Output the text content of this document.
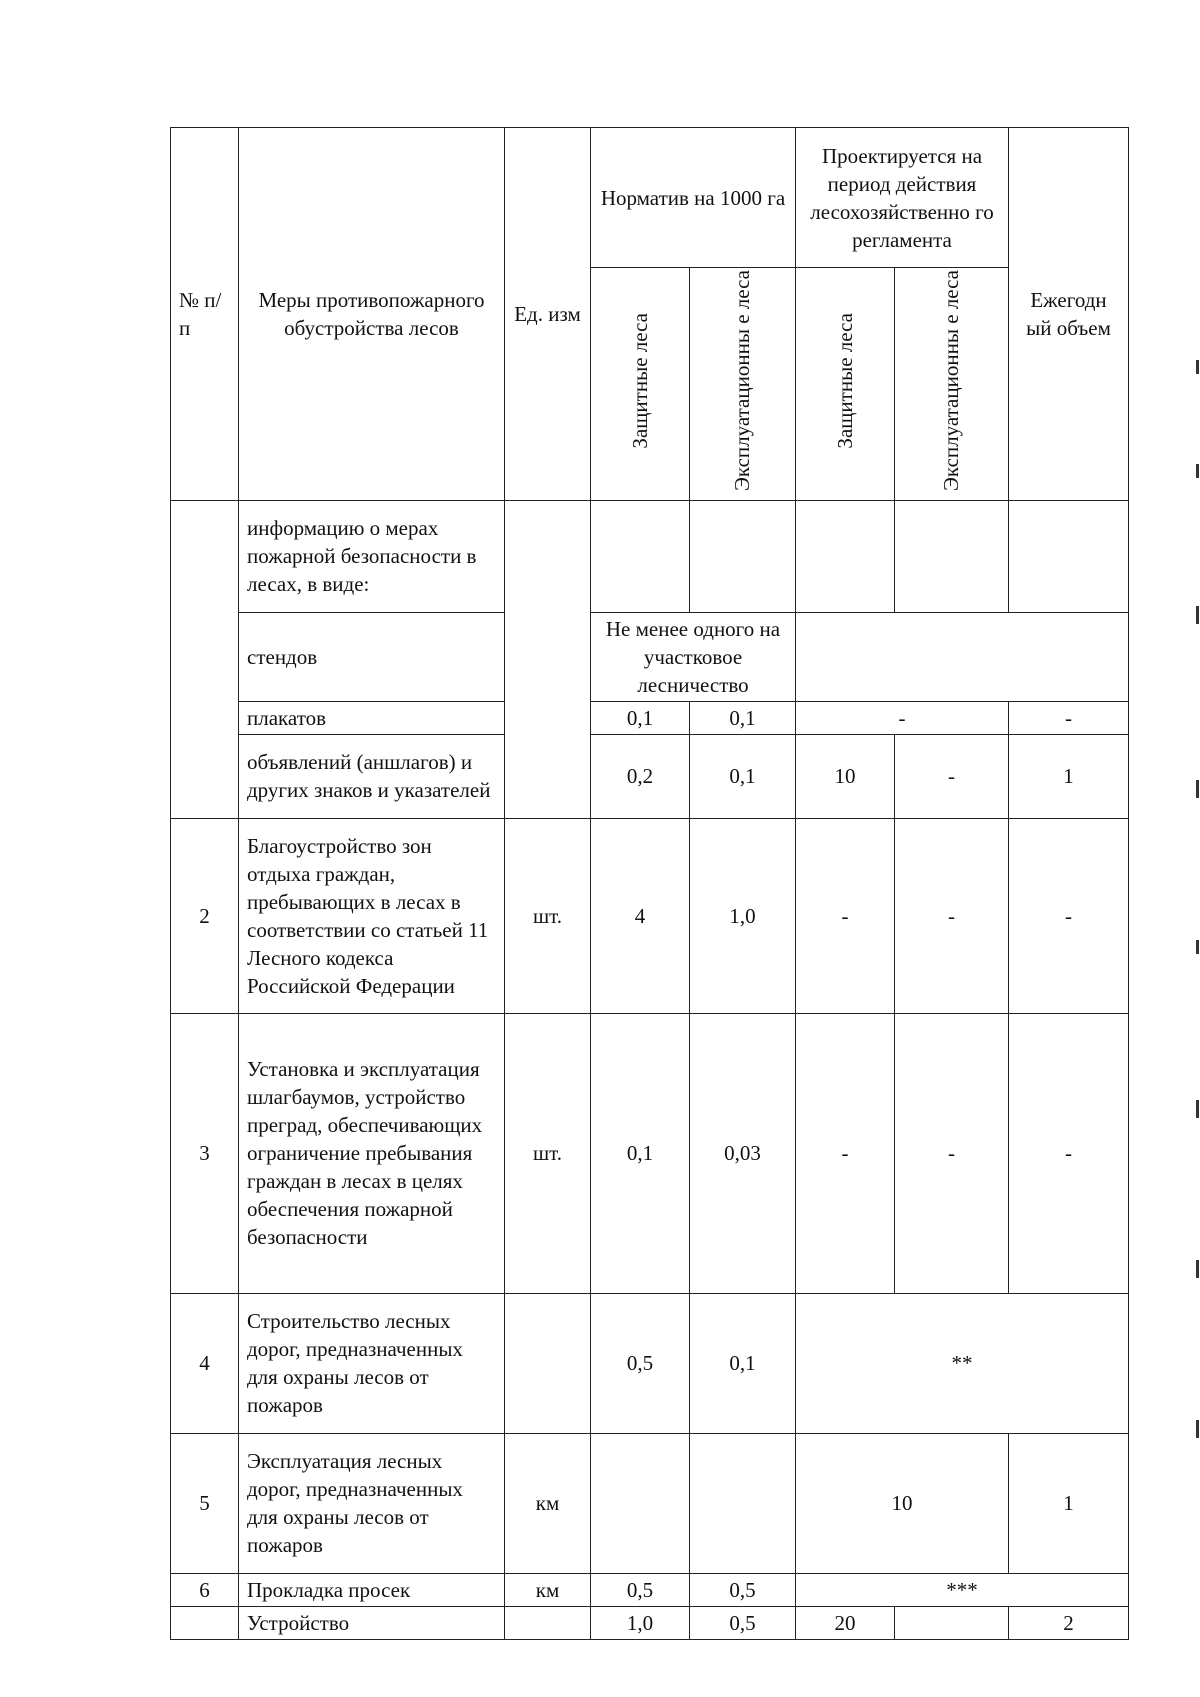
№ п/п	Меры противопожарного обустройства лесов	Ед. изм	Норматив на 1000 га		Проектируется на период действия лесохозяйственно го регламента		Ежегодн ый объем
			Защитные леса	Эксплуатационны е леса	Защитные леса	Эксплуатационны е леса	
	информацию о мерах пожарной безопасности в лесах, в виде:						
	стендов		Не менее одного на участковое лесничество				
	плакатов		0,1	0,1	-		-
	объявлений (аншлагов) и других знаков и указателей		0,2	0,1	10	-	1
2	Благоустройство зон отдыха граждан, пребывающих в лесах в соответствии со статьей 11 Лесного кодекса Российской Федерации	шт.	4	1,0	-	-	-
3	Установка и эксплуатация шлагбаумов, устройство преград, обеспечивающих ограничение пребывания граждан в лесах в целях обеспечения пожарной безопасности	шт.	0,1	0,03	-	-	-
4	Строительство лесных дорог, предназначенных для охраны лесов от пожаров		0,5	0,1	**		
5	Эксплуатация лесных дорог, предназначенных для охраны лесов от пожаров	км			10		1
6	Прокладка просек	км	0,5	0,5	***		
	Устройство		1,0	0,5	20		2
